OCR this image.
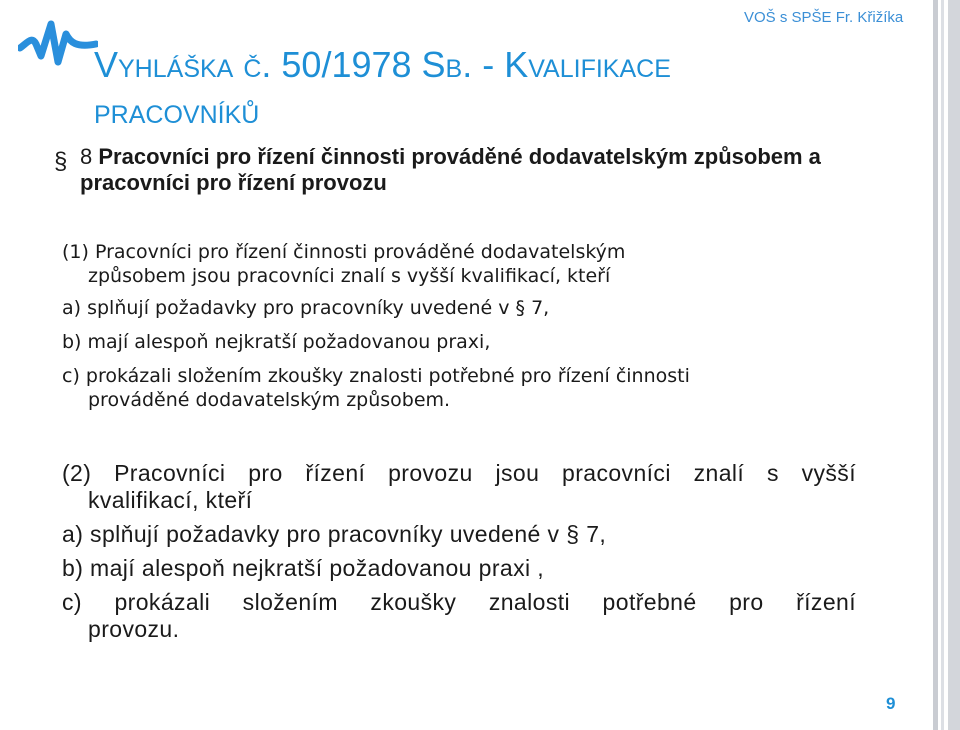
VOŠ s SPŠE Fr. Křižíka
Vyhláška č. 50/1978 Sb. - Kvalifikace
pracovníků
§ 8 Pracovníci pro řízení činnosti prováděné dodavatelským způsobem a pracovníci pro řízení provozu

(1) Pracovníci pro řízení činnosti prováděné dodavatelským
způsobem jsou pracovníci znalí s vyšší kvalifikací, kteří

a) splňují požadavky pro pracovníky uvedené v § 7,

b) mají alespoň nejkratší požadovanou praxi,

c) prokázali složením zkoušky znalosti potřebné pro řízení činnosti
prováděné dodavatelským způsobem.

(2) Pracovníci pro řízení provozu jsou pracovníci znalí s vyšší
kvalifikací, kteří

a) splňují požadavky pro pracovníky uvedené v § 7,

b) mají alespoň nejkratší požadovanou praxi ,

c) prokázali složením zkoušky znalosti potřebné pro řízení
provozu.

9
